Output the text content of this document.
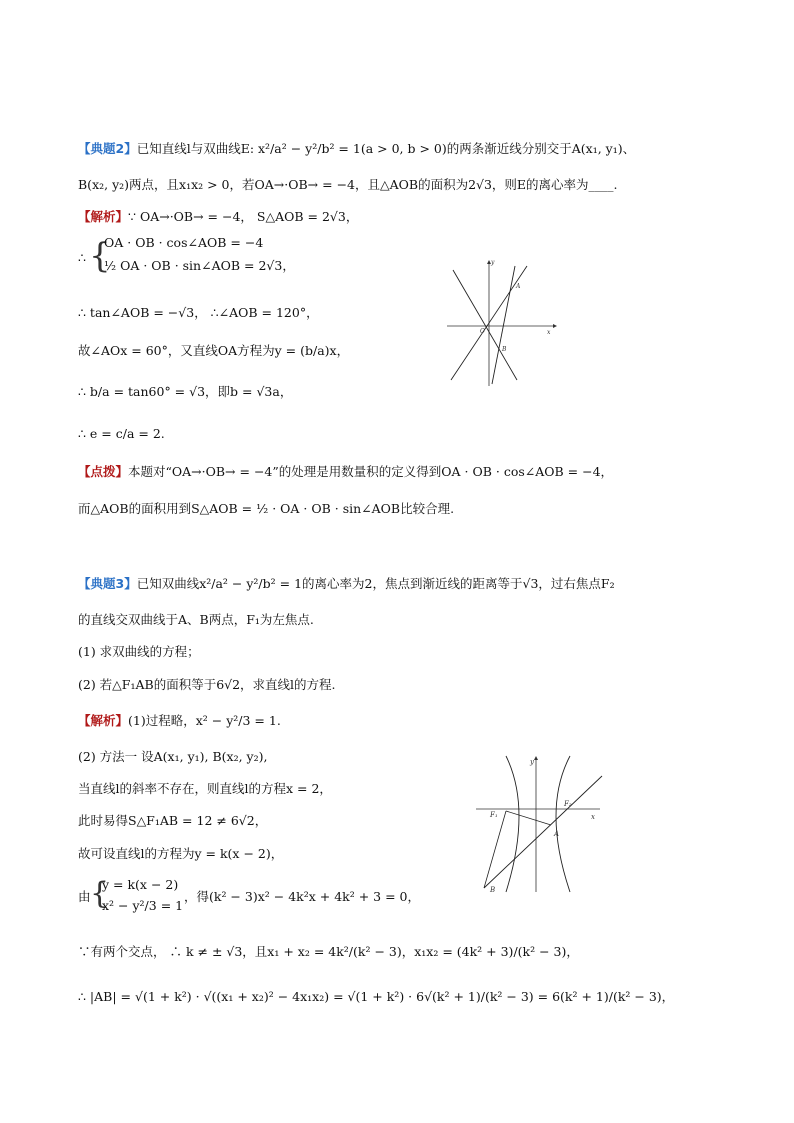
【典题2】已知直线l与双曲线E: x²/a² − y²/b² = 1(a > 0, b > 0)的两条渐近线分别交于A(x₁, y₁)、
B(x₂, y₂)两点，且x₁x₂ > 0，若OA→·OB→ = −4，且△AOB的面积为2√3，则E的离心率为____.
【解析】∵ OA→·OB→ = −4， S△AOB = 2√3，
∴ {
OA · OB · cos∠AOB = −4
½ OA · OB · sin∠AOB = 2√3，
∴ tan∠AOB = −√3， ∴∠AOB = 120°，
故∠AOx = 60°，又直线OA方程为y = (b/a)x，
∴ b/a = tan60° = √3，即b = √3a，
∴ e = c/a = 2.
【点拨】本题对“OA→·OB→ = −4”的处理是用数量积的定义得到OA · OB · cos∠AOB = −4，
而△AOB的面积用到S△AOB = ½ · OA · OB · sin∠AOB比较合理.
y
x
O
A
B
【典题3】已知双曲线x²/a² − y²/b² = 1的离心率为2，焦点到渐近线的距离等于√3，过右焦点F₂
的直线交双曲线于A、B两点，F₁为左焦点.
(1) 求双曲线的方程；
(2) 若△F₁AB的面积等于6√2，求直线l的方程.
【解析】(1)过程略，x² − y²/3 = 1.
(2) 方法一 设A(x₁, y₁), B(x₂, y₂),
当直线l的斜率不存在，则直线l的方程x = 2，
此时易得S△F₁AB = 12 ≠ 6√2，
故可设直线l的方程为y = k(x − 2)，
由 {
y = k(x − 2)
x² − y²/3 = 1
，得(k² − 3)x² − 4k²x + 4k² + 3 = 0，
∵有两个交点， ∴ k ≠ ± √3，且x₁ + x₂ = 4k²/(k² − 3)，x₁x₂ = (4k² + 3)/(k² − 3)，
∴ |AB| = √(1 + k²) · √((x₁ + x₂)² − 4x₁x₂) = √(1 + k²) · 6√(k² + 1)/(k² − 3) = 6(k² + 1)/(k² − 3)，
y
x
F₁
F₂
A
B
